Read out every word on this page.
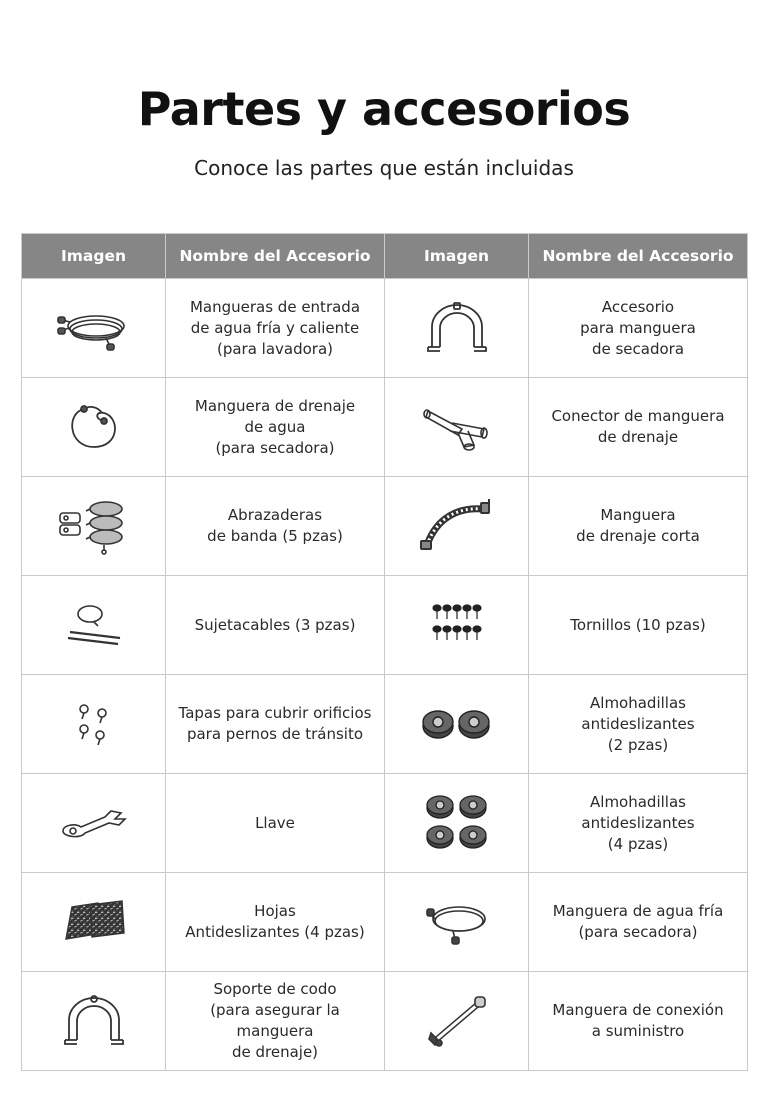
Partes y accesorios

Conoce las partes que están incluidas

Imagen	Nombre del Accesorio	Imagen	Nombre del Accesorio

	Mangueras de entrada
de agua fría y caliente
(para lavadora)		Accesorio
para manguera
de secadora

	Manguera de drenaje
de agua
(para secadora)		Conector de manguera
de drenaje

	Abrazaderas
de banda (5 pzas)		Manguera
de drenaje corta

	Sujetacables (3 pzas)		Tornillos (10 pzas)

	Tapas para cubrir orificios
para pernos de tránsito		Almohadillas
antideslizantes
(2 pzas)

	Llave		Almohadillas
antideslizantes
(4 pzas)

	Hojas
Antideslizantes (4 pzas)		Manguera de agua fría
(para secadora)

	Soporte de codo
(para asegurar la manguera
de drenaje)		Manguera de conexión
a suministro
